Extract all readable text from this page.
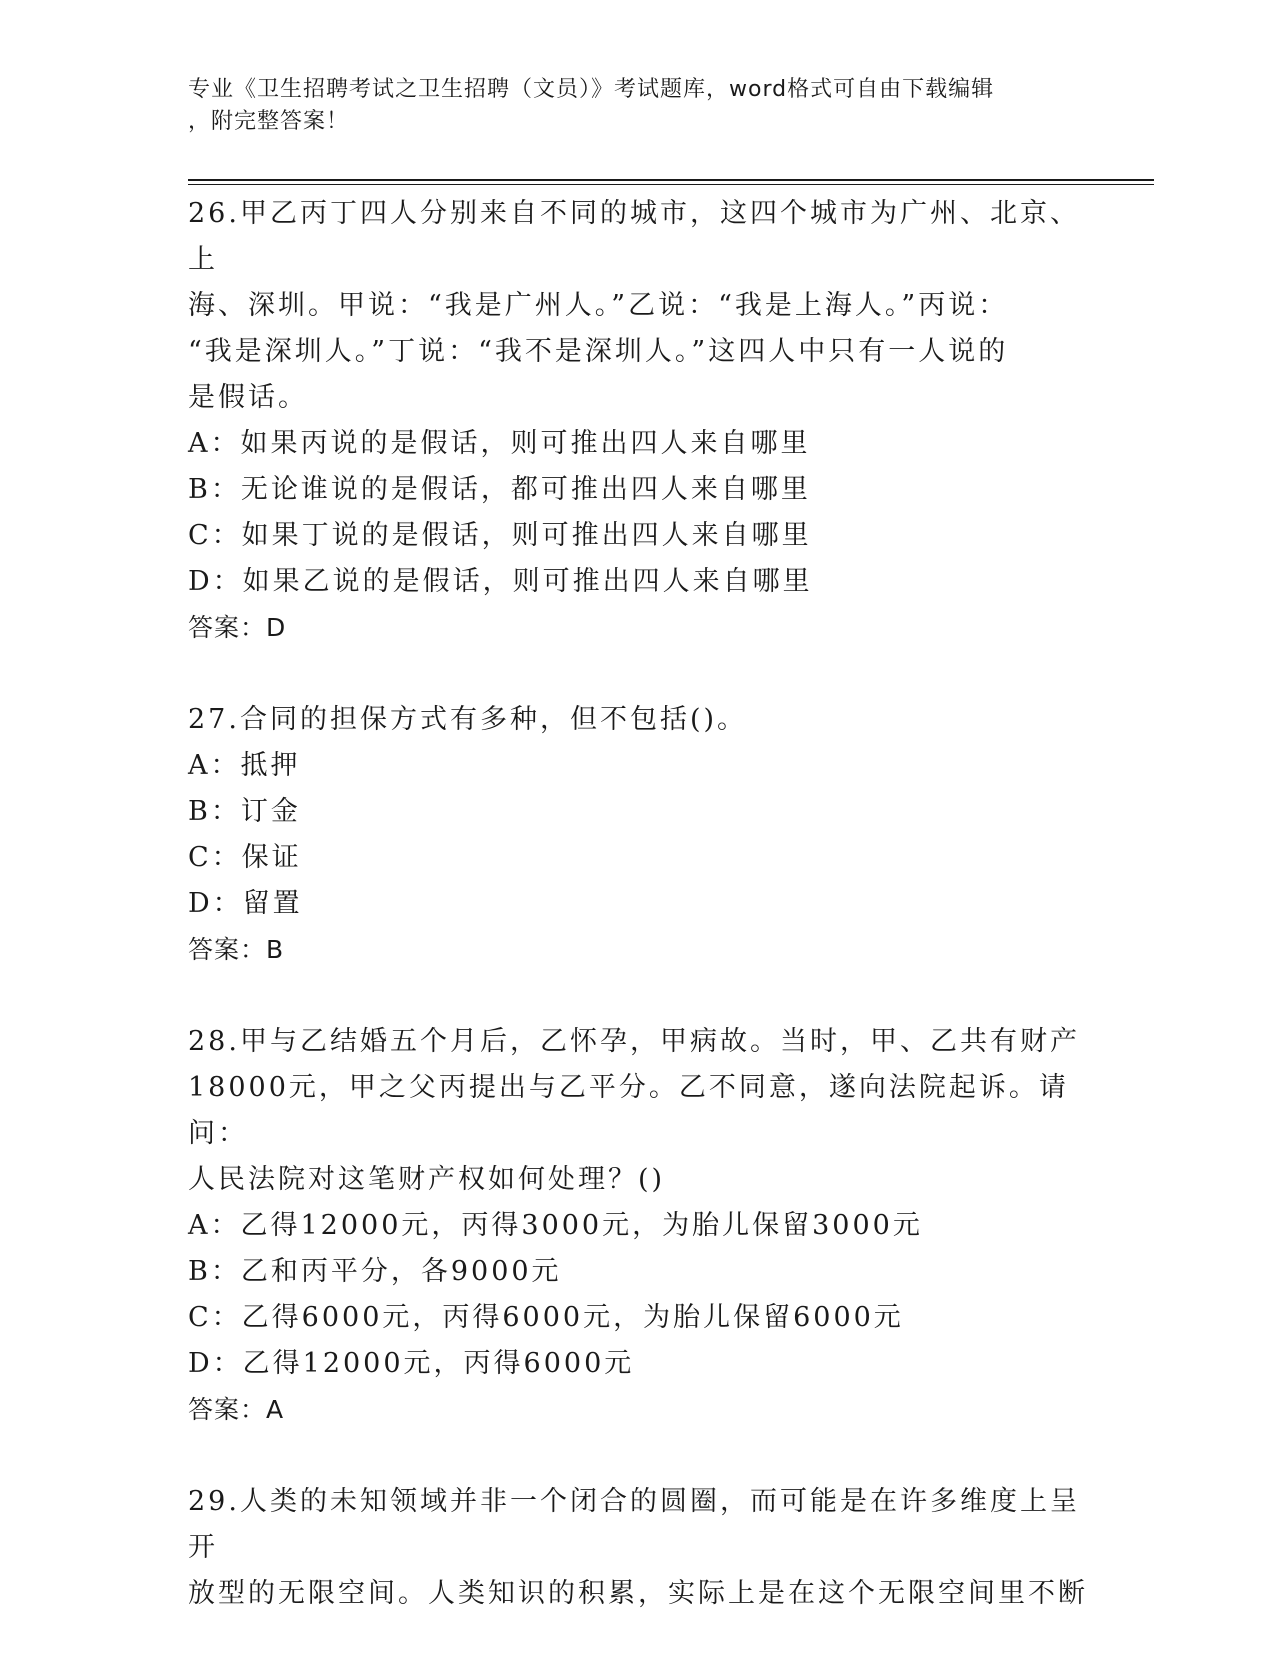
专业《卫生招聘考试之卫生招聘（文员）》考试题库，word格式可自由下载编辑
，附完整答案！
26.甲乙丙丁四人分别来自不同的城市，这四个城市为广州、北京、上
海、深圳。甲说：“我是广州人。”乙说：“我是上海人。”丙说：
“我是深圳人。”丁说：“我不是深圳人。”这四人中只有一人说的
是假话。
A：如果丙说的是假话，则可推出四人来自哪里
B：无论谁说的是假话，都可推出四人来自哪里
C：如果丁说的是假话，则可推出四人来自哪里
D：如果乙说的是假话，则可推出四人来自哪里
答案：D
27.合同的担保方式有多种，但不包括()。
A：抵押
B：订金
C：保证
D：留置
答案：B
28.甲与乙结婚五个月后，乙怀孕，甲病故。当时，甲、乙共有财产
18000元，甲之父丙提出与乙平分。乙不同意，遂向法院起诉。请问：
人民法院对这笔财产权如何处理？()
A：乙得12000元，丙得3000元，为胎儿保留3000元
B：乙和丙平分，各9000元
C：乙得6000元，丙得6000元，为胎儿保留6000元
D：乙得12000元，丙得6000元
答案：A
29.人类的未知领域并非一个闭合的圆圈，而可能是在许多维度上呈开
放型的无限空间。人类知识的积累，实际上是在这个无限空间里不断
